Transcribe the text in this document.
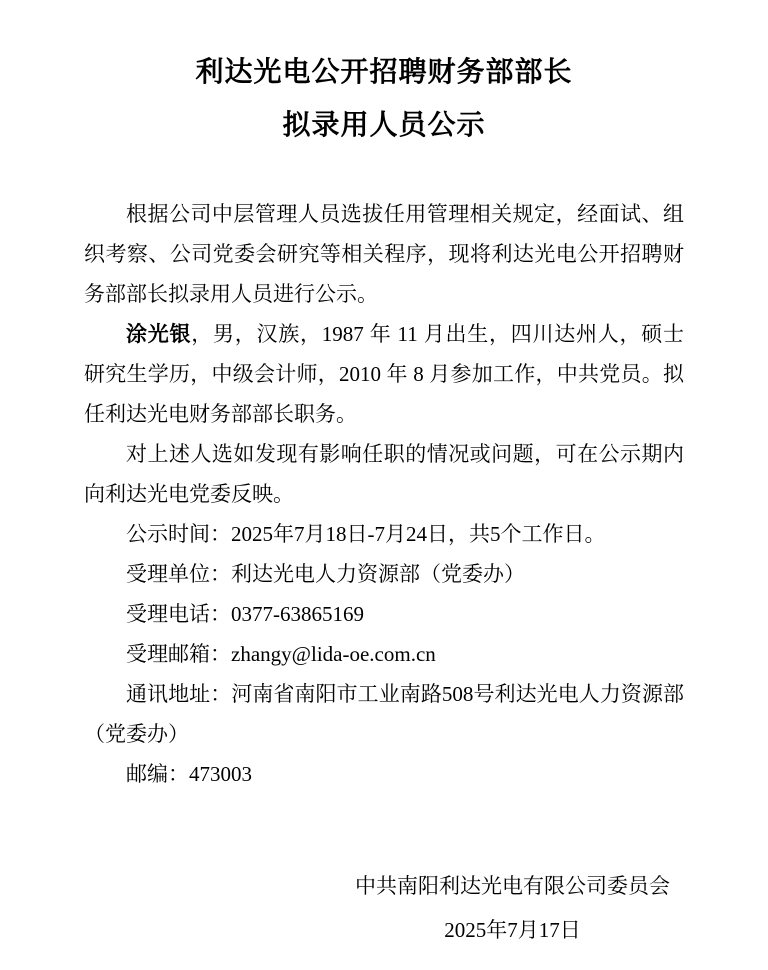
利达光电公开招聘财务部部长
拟录用人员公示

根据公司中层管理人员选拔任用管理相关规定，经面试、组织考察、公司党委会研究等相关程序，现将利达光电公开招聘财务部部长拟录用人员进行公示。

涂光银，男，汉族，1987 年 11 月出生，四川达州人，硕士研究生学历，中级会计师，2010 年 8 月参加工作，中共党员。拟任利达光电财务部部长职务。

对上述人选如发现有影响任职的情况或问题，可在公示期内向利达光电党委反映。

公示时间：2025年7月18日-7月24日，共5个工作日。

受理单位：利达光电人力资源部（党委办）

受理电话：0377-63865169

受理邮箱：zhangy@lida-oe.com.cn

通讯地址：河南省南阳市工业南路508号利达光电人力资源部（党委办）

邮编：473003

中共南阳利达光电有限公司委员会
2025年7月17日
